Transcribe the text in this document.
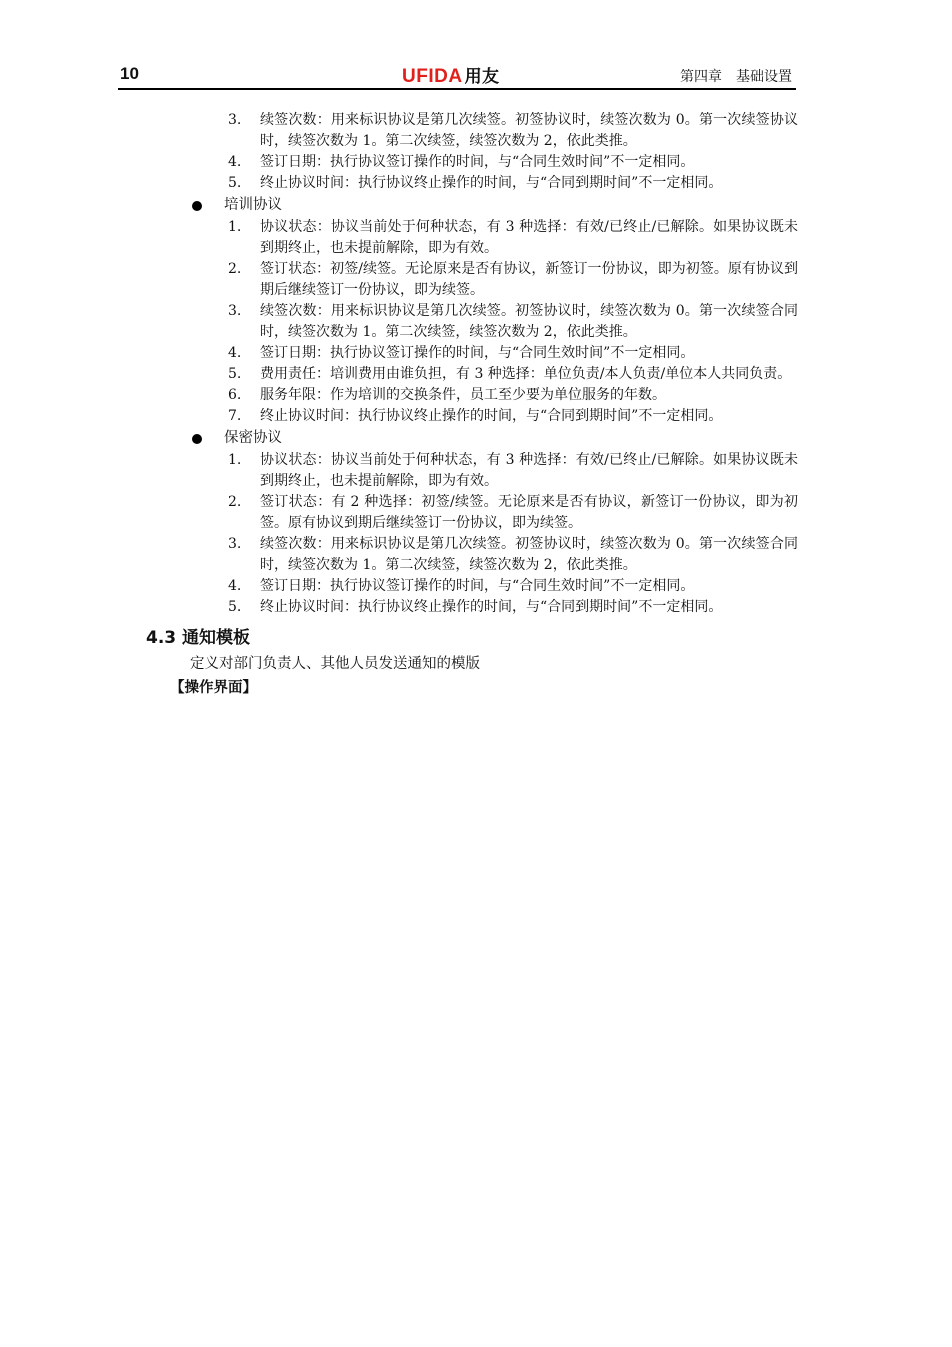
10	UFIDA 用友	第四章　基础设置
3.	续签次数：用来标识协议是第几次续签。初签协议时，续签次数为 0。第一次续签协议时，续签次数为 1。第二次续签，续签次数为 2，依此类推。
4.	签订日期：执行协议签订操作的时间，与“合同生效时间”不一定相同。
5.	终止协议时间：执行协议终止操作的时间，与“合同到期时间”不一定相同。
培训协议
1.	协议状态：协议当前处于何种状态，有 3 种选择：有效/已终止/已解除。如果协议既未到期终止，也未提前解除，即为有效。
2.	签订状态：初签/续签。无论原来是否有协议，新签订一份协议，即为初签。原有协议到期后继续签订一份协议，即为续签。
3.	续签次数：用来标识协议是第几次续签。初签协议时，续签次数为 0。第一次续签合同时，续签次数为 1。第二次续签，续签次数为 2，依此类推。
4.	签订日期：执行协议签订操作的时间，与“合同生效时间”不一定相同。
5.	费用责任：培训费用由谁负担，有 3 种选择：单位负责/本人负责/单位本人共同负责。
6.	服务年限：作为培训的交换条件，员工至少要为单位服务的年数。
7.	终止协议时间：执行协议终止操作的时间，与“合同到期时间”不一定相同。
保密协议
1.	协议状态：协议当前处于何种状态，有 3 种选择：有效/已终止/已解除。如果协议既未到期终止，也未提前解除，即为有效。
2.	签订状态：有 2 种选择：初签/续签。无论原来是否有协议，新签订一份协议，即为初签。原有协议到期后继续签订一份协议，即为续签。
3.	续签次数：用来标识协议是第几次续签。初签协议时，续签次数为 0。第一次续签合同时，续签次数为 1。第二次续签，续签次数为 2，依此类推。
4.	签订日期：执行协议签订操作的时间，与“合同生效时间”不一定相同。
5.	终止协议时间：执行协议终止操作的时间，与“合同到期时间”不一定相同。
4.3 通知模板
定义对部门负责人、其他人员发送通知的模版
【操作界面】
